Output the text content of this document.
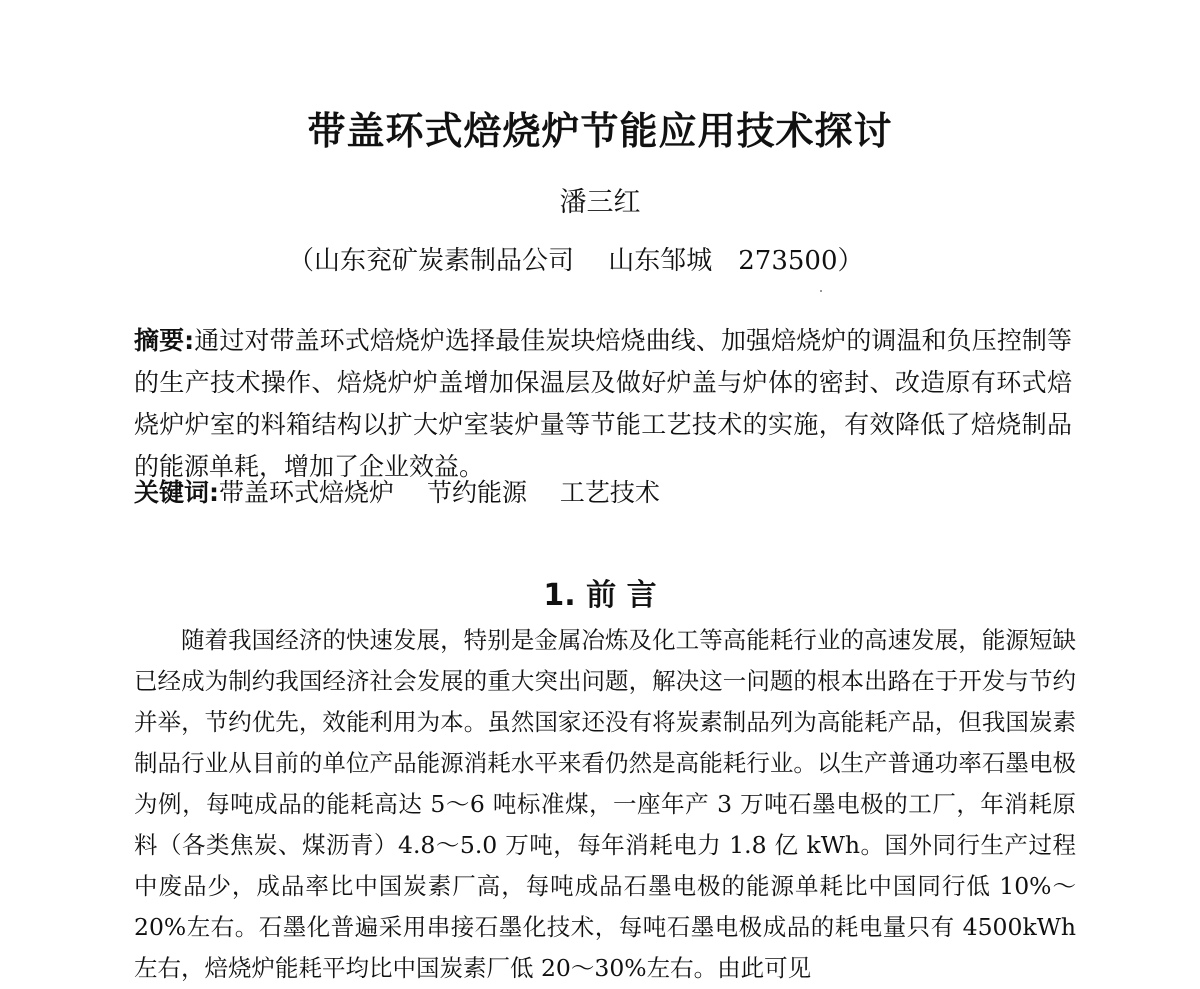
带盖环式焙烧炉节能应用技术探讨
潘三红
（山东兖矿炭素制品公司　 山东邹城　273500）
摘要:通过对带盖环式焙烧炉选择最佳炭块焙烧曲线、加强焙烧炉的调温和负压控制等的生产技术操作、焙烧炉炉盖增加保温层及做好炉盖与炉体的密封、改造原有环式焙烧炉炉室的料箱结构以扩大炉室装炉量等节能工艺技术的实施，有效降低了焙烧制品的能源单耗，增加了企业效益。
关键词:带盖环式焙烧炉　 节约能源　 工艺技术
1. 前 言
随着我国经济的快速发展，特别是金属冶炼及化工等高能耗行业的高速发展，能源短缺已经成为制约我国经济社会发展的重大突出问题，解决这一问题的根本出路在于开发与节约并举，节约优先，效能利用为本。虽然国家还没有将炭素制品列为高能耗产品，但我国炭素制品行业从目前的单位产品能源消耗水平来看仍然是高能耗行业。以生产普通功率石墨电极为例，每吨成品的能耗高达 5～6 吨标准煤，一座年产 3 万吨石墨电极的工厂，年消耗原料（各类焦炭、煤沥青）4.8～5.0 万吨，每年消耗电力 1.8 亿 kWh。国外同行生产过程中废品少，成品率比中国炭素厂高，每吨成品石墨电极的能源单耗比中国同行低 10%～20%左右。石墨化普遍采用串接石墨化技术，每吨石墨电极成品的耗电量只有 4500kWh 左右，焙烧炉能耗平均比中国炭素厂低 20～30%左右。由此可见
